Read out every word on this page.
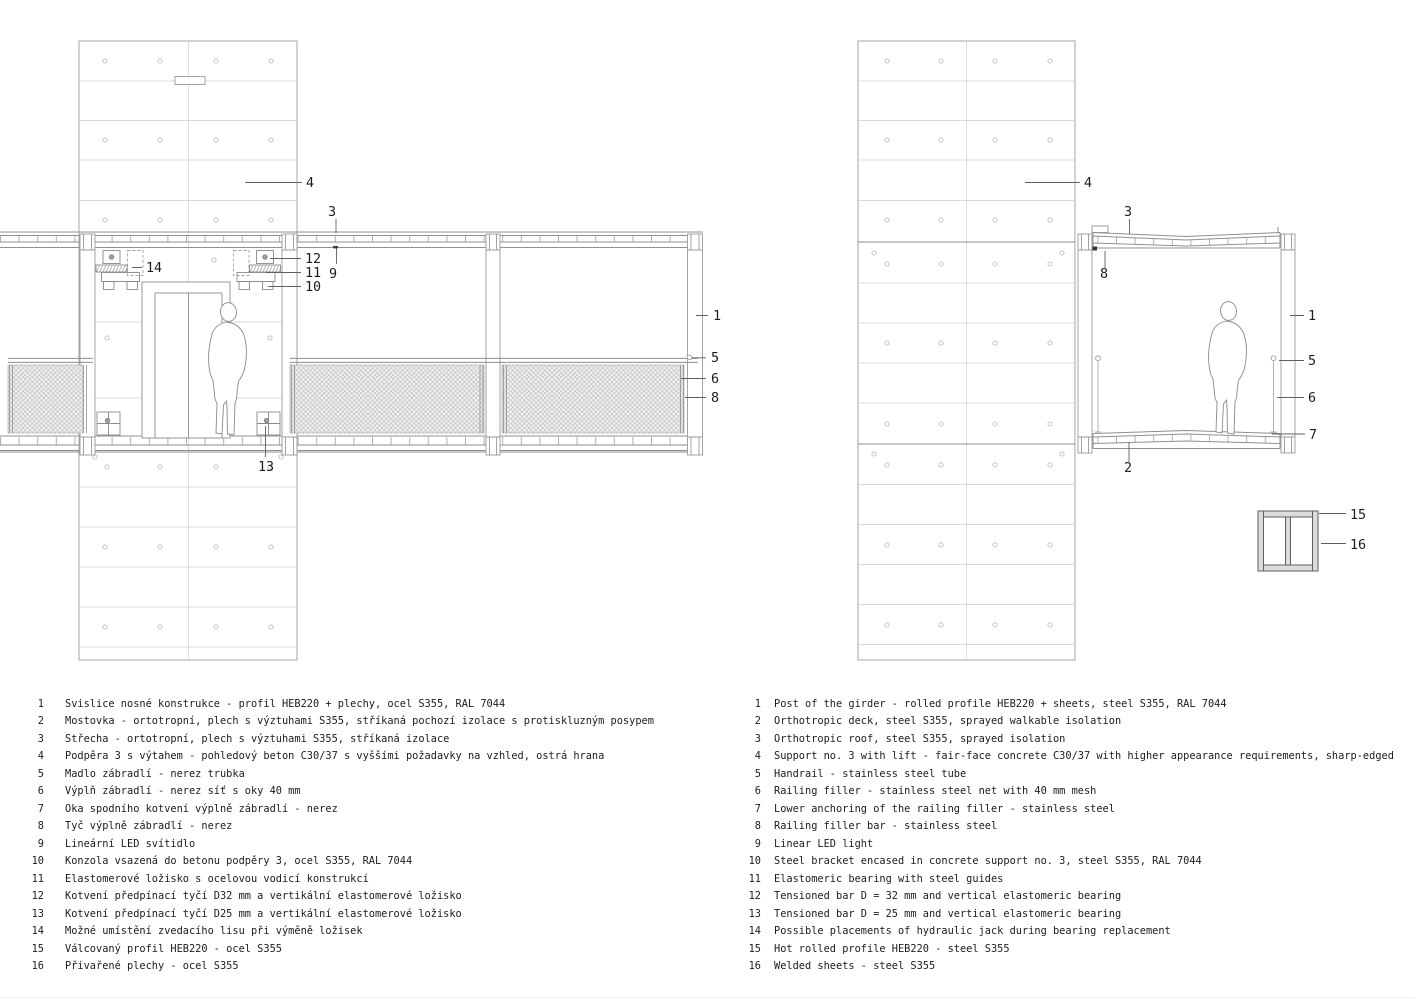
4
3
12
11
10
9
14
13
1
5
6
8
4
3
8
1
5
6
7
2
15
16
1 Svislice nosné konstrukce - profil HEB220 + plechy, ocel S355, RAL 7044
2 Mostovka - ortotropní, plech s výztuhami S355, stříkaná pochozí izolace s protiskluzným posypem
3 Střecha - ortotropní, plech s výztuhami S355, stříkaná izolace
4 Podpěra 3 s výtahem - pohledový beton C30/37 s vyššími požadavky na vzhled, ostrá hrana
5 Madlo zábradlí - nerez trubka
6 Výplň zábradlí - nerez síť s oky 40 mm
7 Oka spodního kotvení výplně zábradlí - nerez
8 Tyč výplně zábradlí - nerez
9 Lineární LED svítidlo
10 Konzola vsazená do betonu podpěry 3, ocel S355, RAL 7044
11 Elastomerové ložisko s ocelovou vodicí konstrukcí
12 Kotvení předpínací tyčí D32 mm a vertikální elastomerové ložisko
13 Kotvení předpínací tyčí D25 mm a vertikální elastomerové ložisko
14 Možné umístění zvedacího lisu při výměně ložisek
15 Válcovaný profil HEB220 - ocel S355
16 Přivařené plechy - ocel S355
1 Post of the girder - rolled profile HEB220 + sheets, steel S355, RAL 7044
2 Orthotropic deck, steel S355, sprayed walkable isolation
3 Orthotropic roof, steel S355, sprayed isolation
4 Support no. 3 with lift - fair-face concrete C30/37 with higher appearance requirements, sharp-edged
5 Handrail - stainless steel tube
6 Railing filler - stainless steel net with 40 mm mesh
7 Lower anchoring of the railing filler - stainless steel
8 Railing filler bar - stainless steel
9 Linear LED light
10 Steel bracket encased in concrete support no. 3, steel S355, RAL 7044
11 Elastomeric bearing with steel guides
12 Tensioned bar D = 32 mm and vertical elastomeric bearing
13 Tensioned bar D = 25 mm and vertical elastomeric bearing
14 Possible placements of hydraulic jack during bearing replacement
15 Hot rolled profile HEB220 - steel S355
16 Welded sheets - steel S355
